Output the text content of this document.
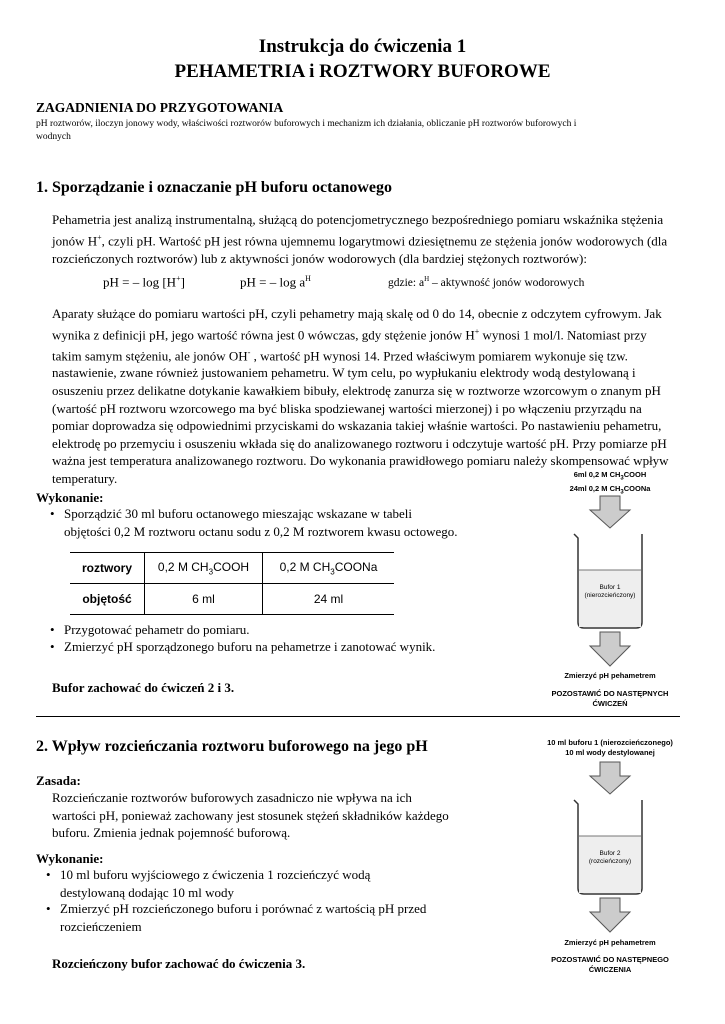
Instrukcja do ćwiczenia 1
PEHAMETRIA i ROZTWORY BUFOROWE
ZAGADNIENIA DO PRZYGOTOWANIA
pH roztworów, iloczyn jonowy wody, właściwości roztworów buforowych i mechanizm ich działania, obliczanie pH roztworów buforowych i
wodnych
1. Sporządzanie i oznaczanie pH buforu octanowego
Pehametria jest analizą instrumentalną, służącą do potencjometrycznego bezpośredniego pomiaru wskaźnika stężenia
jonów H+, czyli pH. Wartość pH jest równa ujemnemu logarytmowi dziesiętnemu ze stężenia jonów wodorowych (dla
rozcieńczonych roztworów) lub z aktywności jonów wodorowych (dla bardziej stężonych roztworów):
pH = – log [H+]	pH = – $\log a^H$	gdzie: $a^H$ – aktywność jonów wodorowych
Aparaty służące do pomiaru wartości pH, czyli pehametry mają skalę od 0 do 14, obecnie z odczytem cyfrowym. Jak
wynika z definicji pH, jego wartość równa jest 0 wówczas, gdy stężenie jonów H+ wynosi 1 mol/l. Natomiast przy
takim samym stężeniu, ale jonów OH- , wartość pH wynosi 14. Przed właściwym pomiarem wykonuje się tzw.
nastawienie, zwane również justowaniem pehametru. W tym celu, po wypłukaniu elektrody wodą destylowaną i
osuszeniu przez delikatne dotykanie kawałkiem bibuły, elektrodę zanurza się w roztworze wzorcowym o znanym pH
(wartość pH roztworu wzorcowego ma być bliska spodziewanej wartości mierzonej) i po włączeniu przyrządu na
pomiar doprowadza się odpowiednimi przyciskami do wskazania takiej właśnie wartości. Po nastawieniu pehametru,
elektrodę po przemyciu i osuszeniu wkłada się do analizowanego roztworu i odczytuje wartość pH. Przy pomiarze pH
ważna jest temperatura analizowanego roztworu. Do wykonania prawidłowego pomiaru należy skompensować wpływ
temperatury.
Wykonanie:
• Sporządzić 30 ml buforu octanowego mieszając wskazane w tabeli
objętości 0,2 M roztworu octanu sodu z 0,2 M roztworem kwasu octowego.
roztwory	0,2 M $CH_3COOH$	0,2 M $CH_3COONa$
objętość	6 ml	24 ml
• Przygotować pehametr do pomiaru.
• Zmierzyć pH sporządzonego buforu na pehametrze i zanotować wynik.
Bufor zachować do ćwiczeń 2 i 3.
6ml 0,2 M $CH_3COOH$
24ml 0,2 M $CH_3COONa$
Bufor 1
(nierozcieńczony)
Zmierzyć pH pehametrem
POZOSTAWIĆ DO NASTĘPNYCH
ĆWICZEŃ
2. Wpływ rozcieńczania roztworu buforowego na jego pH
Zasada:
Rozcieńczanie roztworów buforowych zasadniczo nie wpływa na ich
wartości pH, ponieważ zachowany jest stosunek stężeń składników każdego
buforu. Zmienia jednak pojemność buforową.
Wykonanie:
• 10 ml buforu wyjściowego z ćwiczenia 1 rozcieńczyć wodą
destylowaną dodając 10 ml wody
• Zmierzyć pH rozcieńczonego buforu i porównać z wartością pH przed
rozcieńczeniem
Rozcieńczony bufor zachować do ćwiczenia 3.
10 ml buforu 1 (nierozcieńczonego)
10 ml wody destylowanej
Bufor 2
(rozcieńczony)
Zmierzyć pH pehametrem
POZOSTAWIĆ DO NASTĘPNEGO
ĆWICZENIA
